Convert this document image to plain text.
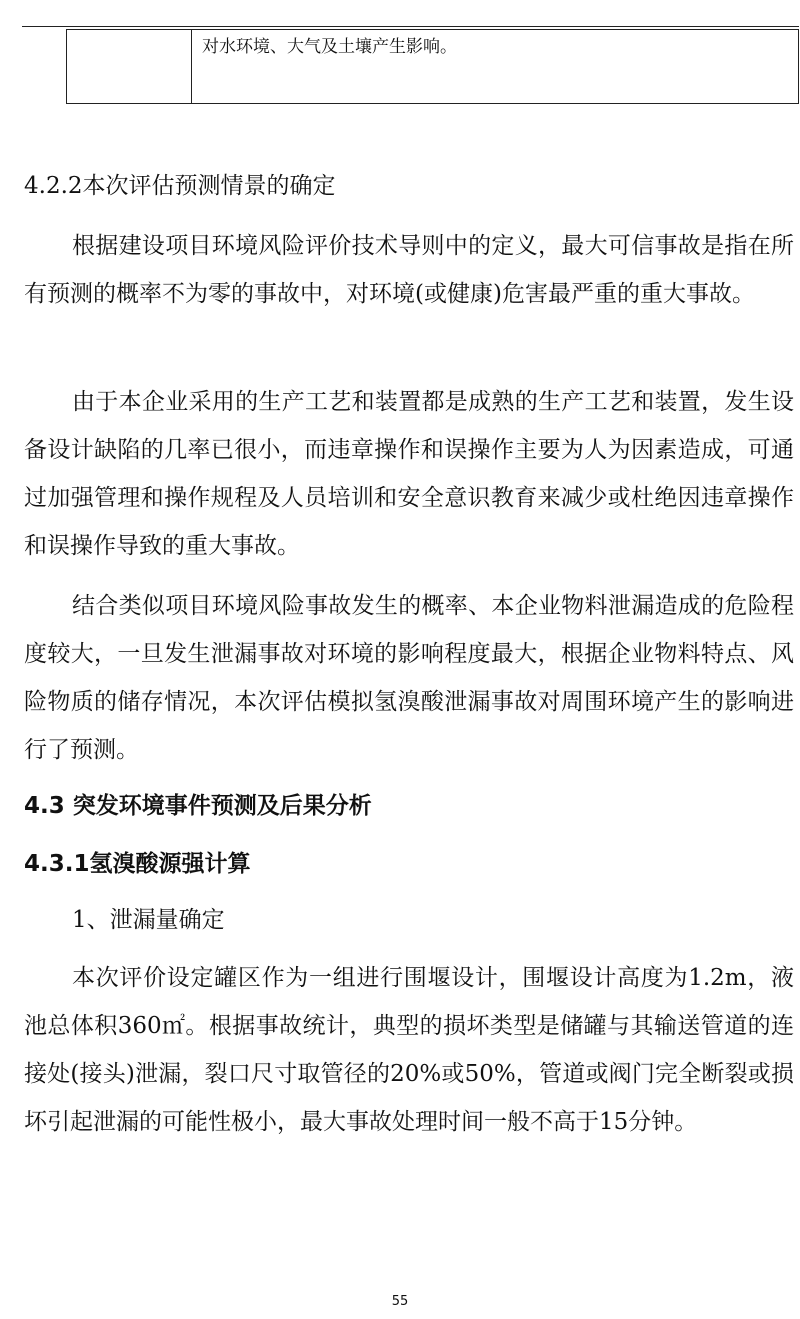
	对水环境、大气及土壤产生影响。
4.2.2本次评估预测情景的确定

根据建设项目环境风险评价技术导则中的定义，最大可信事故是指在所有预测的概率不为零的事故中，对环境(或健康)危害最严重的重大事故。

由于本企业采用的生产工艺和装置都是成熟的生产工艺和装置，发生设备设计缺陷的几率已很小，而违章操作和误操作主要为人为因素造成，可通过加强管理和操作规程及人员培训和安全意识教育来减少或杜绝因违章操作和误操作导致的重大事故。

结合类似项目环境风险事故发生的概率、本企业物料泄漏造成的危险程度较大，一旦发生泄漏事故对环境的影响程度最大，根据企业物料特点、风险物质的储存情况，本次评估模拟氢溴酸泄漏事故对周围环境产生的影响进行了预测。

4.3 突发环境事件预测及后果分析
4.3.1氢溴酸源强计算
1、泄漏量确定

本次评价设定罐区作为一组进行围堰设计，围堰设计高度为1.2m，液池总体积360㎡。根据事故统计，典型的损坏类型是储罐与其输送管道的连接处(接头)泄漏，裂口尺寸取管径的20%或50%，管道或阀门完全断裂或损坏引起泄漏的可能性极小，最大事故处理时间一般不高于15分钟。

55
